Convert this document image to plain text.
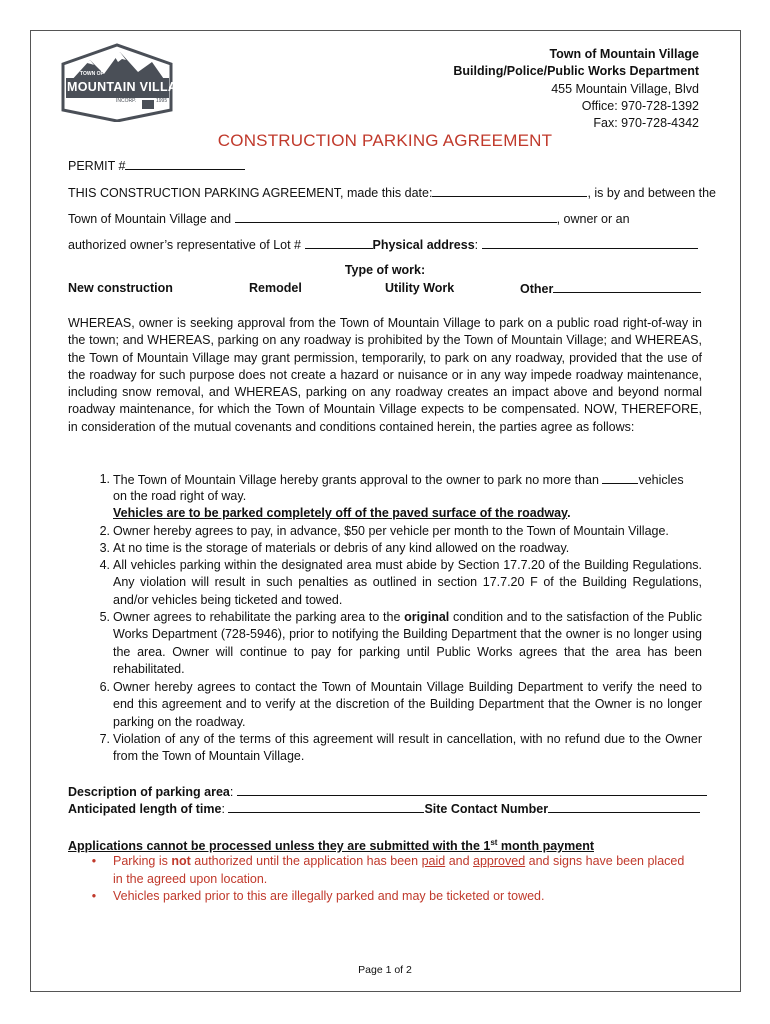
TOWN OF
MOUNTAIN VILLAGE
INCORP.	1995
Town of Mountain Village
Building/Police/Public Works Department
455 Mountain Village, Blvd
Office: 970-728-1392
Fax: 970-728-4342
CONSTRUCTION PARKING AGREEMENT
PERMIT #
THIS CONSTRUCTION PARKING AGREEMENT, made this date:	, is by and between the
Town of Mountain Village and	, owner or an
authorized owner’s representative of Lot #	Physical address:
Type of work:
New construction	Remodel	Utility Work	Other
WHEREAS, owner is seeking approval from the Town of Mountain Village to park on a public road right-of-way in the town; and WHEREAS, parking on any roadway is prohibited by the Town of Mountain Village; and WHEREAS, the Town of Mountain Village may grant permission, temporarily, to park on any roadway, provided that the use of the roadway for such purpose does not create a hazard or nuisance or in any way impede roadway maintenance, including snow removal, and WHEREAS, parking on any roadway creates an impact above and beyond normal roadway maintenance, for which the Town of Mountain Village expects to be compensated. NOW, THEREFORE, in consideration of the mutual covenants and conditions contained herein, the parties agree as follows:
1. The Town of Mountain Village hereby grants approval to the owner to park no more than	vehicles
on the road right of way.
Vehicles are to be parked completely off of the paved surface of the roadway.
2. Owner hereby agrees to pay, in advance, $50 per vehicle per month to the Town of Mountain Village.
3. At no time is the storage of materials or debris of any kind allowed on the roadway.
4. All vehicles parking within the designated area must abide by Section 17.7.20 of the Building Regulations. Any violation will result in such penalties as outlined in section 17.7.20 F of the Building Regulations, and/or vehicles being ticketed and towed.
5. Owner agrees to rehabilitate the parking area to the original condition and to the satisfaction of the Public Works Department (728-5946), prior to notifying the Building Department that the owner is no longer using the area. Owner will continue to pay for parking until Public Works agrees that the area has been rehabilitated.
6. Owner hereby agrees to contact the Town of Mountain Village Building Department to verify the need to end this agreement and to verify at the discretion of the Building Department that the Owner is no longer parking on the roadway.
7. Violation of any of the terms of this agreement will result in cancellation, with no refund due to the Owner from the Town of Mountain Village.
Description of parking area:
Anticipated length of time:	Site Contact Number
Applications cannot be processed unless they are submitted with the 1st month payment
•	Parking is not authorized until the application has been paid and approved and signs have been placed
in the agreed upon location.
•	Vehicles parked prior to this are illegally parked and may be ticketed or towed.
Page 1 of 2
